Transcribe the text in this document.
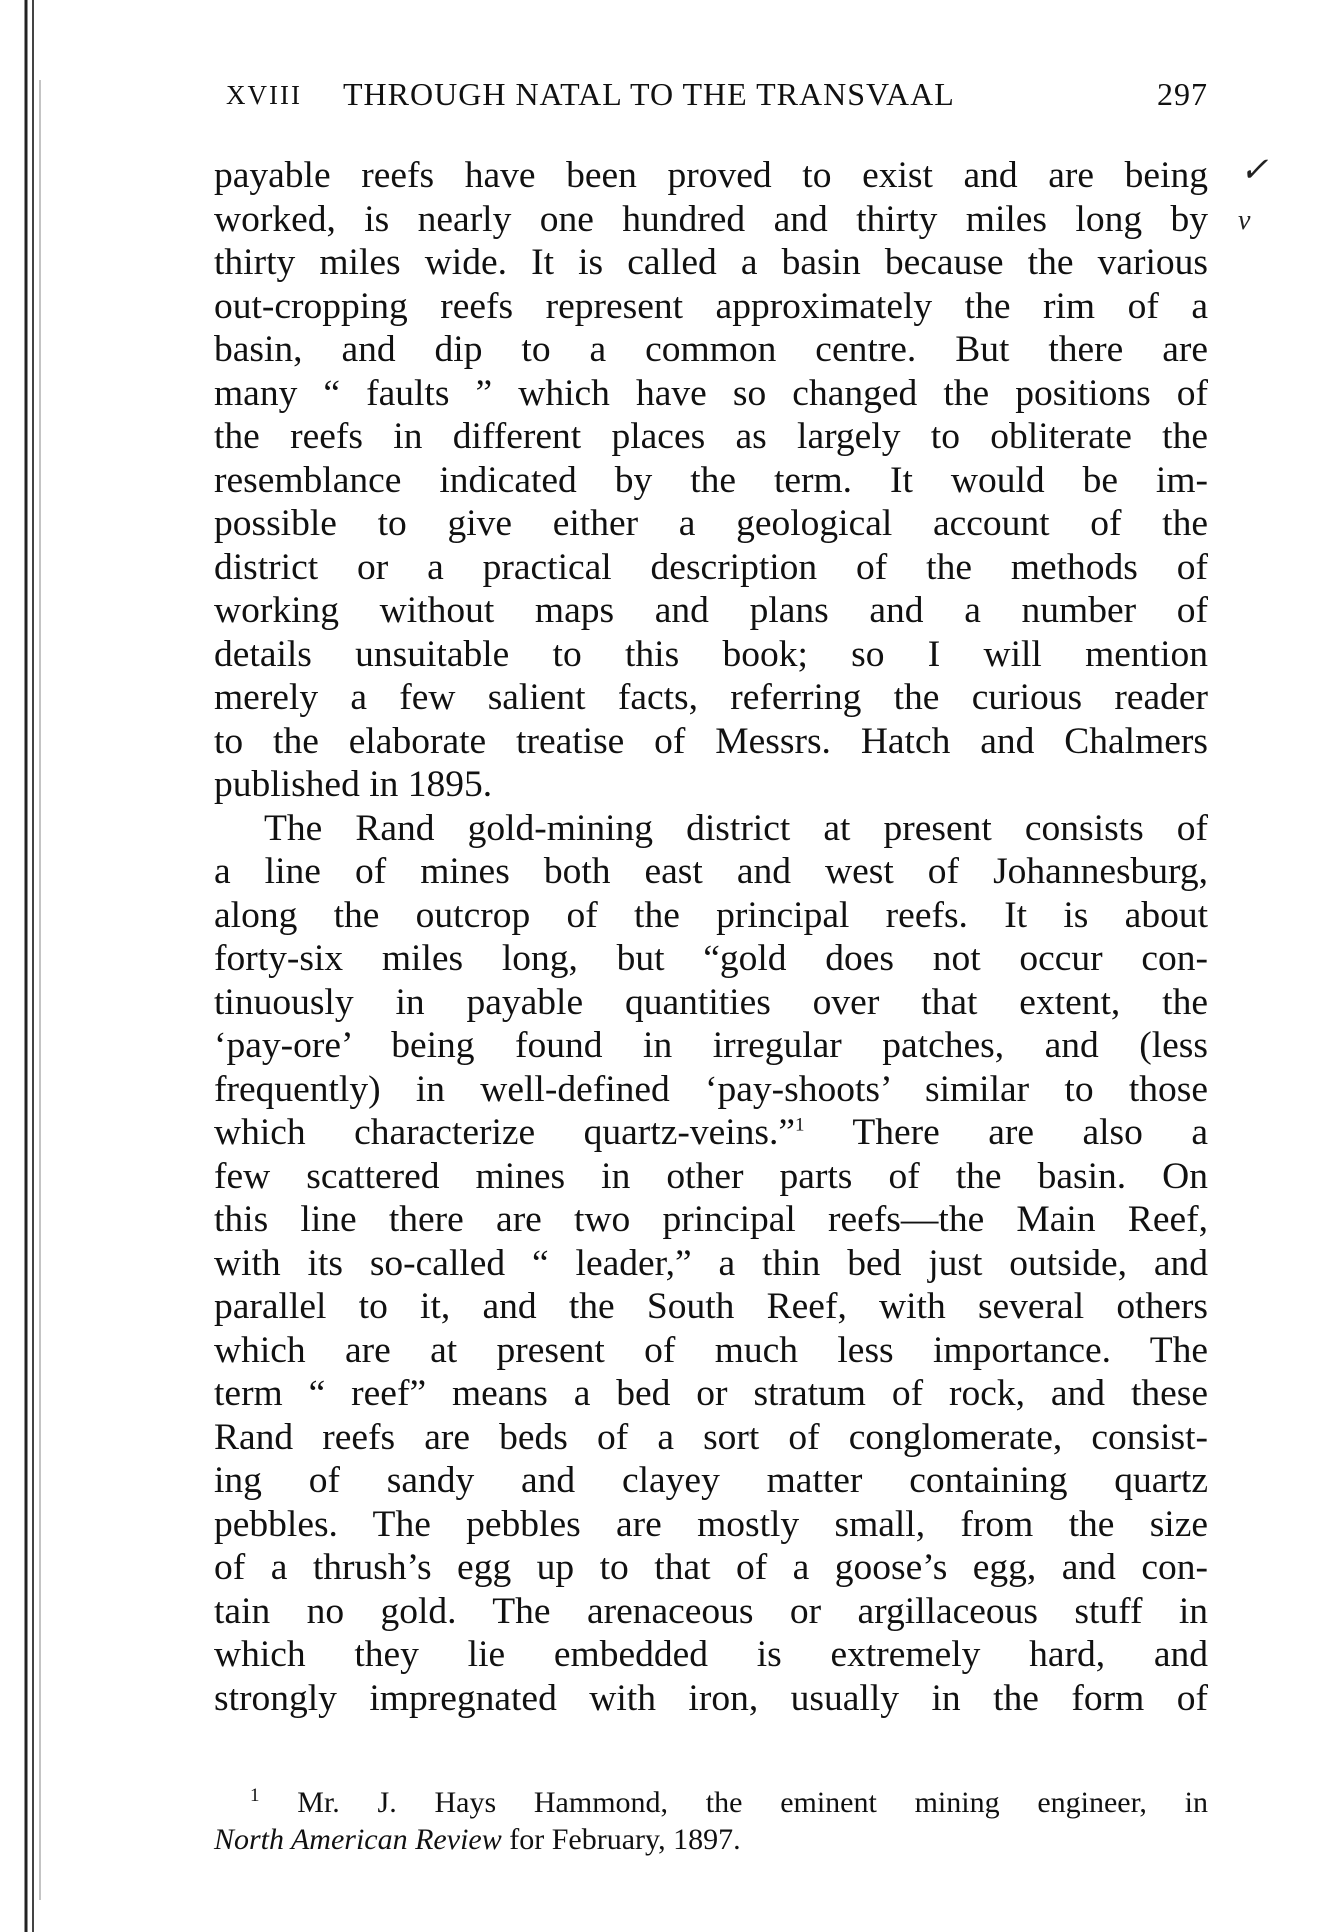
XVIII THROUGH NATAL TO THE TRANSVAAL	297
✓
ν
payable reefs have been proved to exist and are being
worked, is nearly one hundred and thirty miles long by
thirty miles wide. It is called a basin because the various
out-cropping reefs represent approximately the rim of a
basin, and dip to a common centre. But there are
many “ faults ” which have so changed the positions of
the reefs in different places as largely to obliterate the
resemblance indicated by the term. It would be im-
possible to give either a geological account of the
district or a practical description of the methods of
working without maps and plans and a number of
details unsuitable to this book; so I will mention
merely a few salient facts, referring the curious reader
to the elaborate treatise of Messrs. Hatch and Chalmers
published in 1895.
The Rand gold-mining district at present consists of
a line of mines both east and west of Johannesburg,
along the outcrop of the principal reefs. It is about
forty-six miles long, but “gold does not occur con-
tinuously in payable quantities over that extent, the
‘pay-ore’ being found in irregular patches, and (less
frequently) in well-defined ‘pay-shoots’ similar to those
which characterize quartz-veins.”$^1$ There are also a
few scattered mines in other parts of the basin. On
this line there are two principal reefs—the Main Reef,
with its so-called “ leader,” a thin bed just outside, and
parallel to it, and the South Reef, with several others
which are at present of much less importance. The
term “ reef” means a bed or stratum of rock, and these
Rand reefs are beds of a sort of conglomerate, consist-
ing of sandy and clayey matter containing quartz
pebbles. The pebbles are mostly small, from the size
of a thrush’s egg up to that of a goose’s egg, and con-
tain no gold. The arenaceous or argillaceous stuff in
which they lie embedded is extremely hard, and
strongly impregnated with iron, usually in the form of
$^1$ Mr. J. Hays Hammond, the eminent mining engineer, in
North American Review for February, 1897.
